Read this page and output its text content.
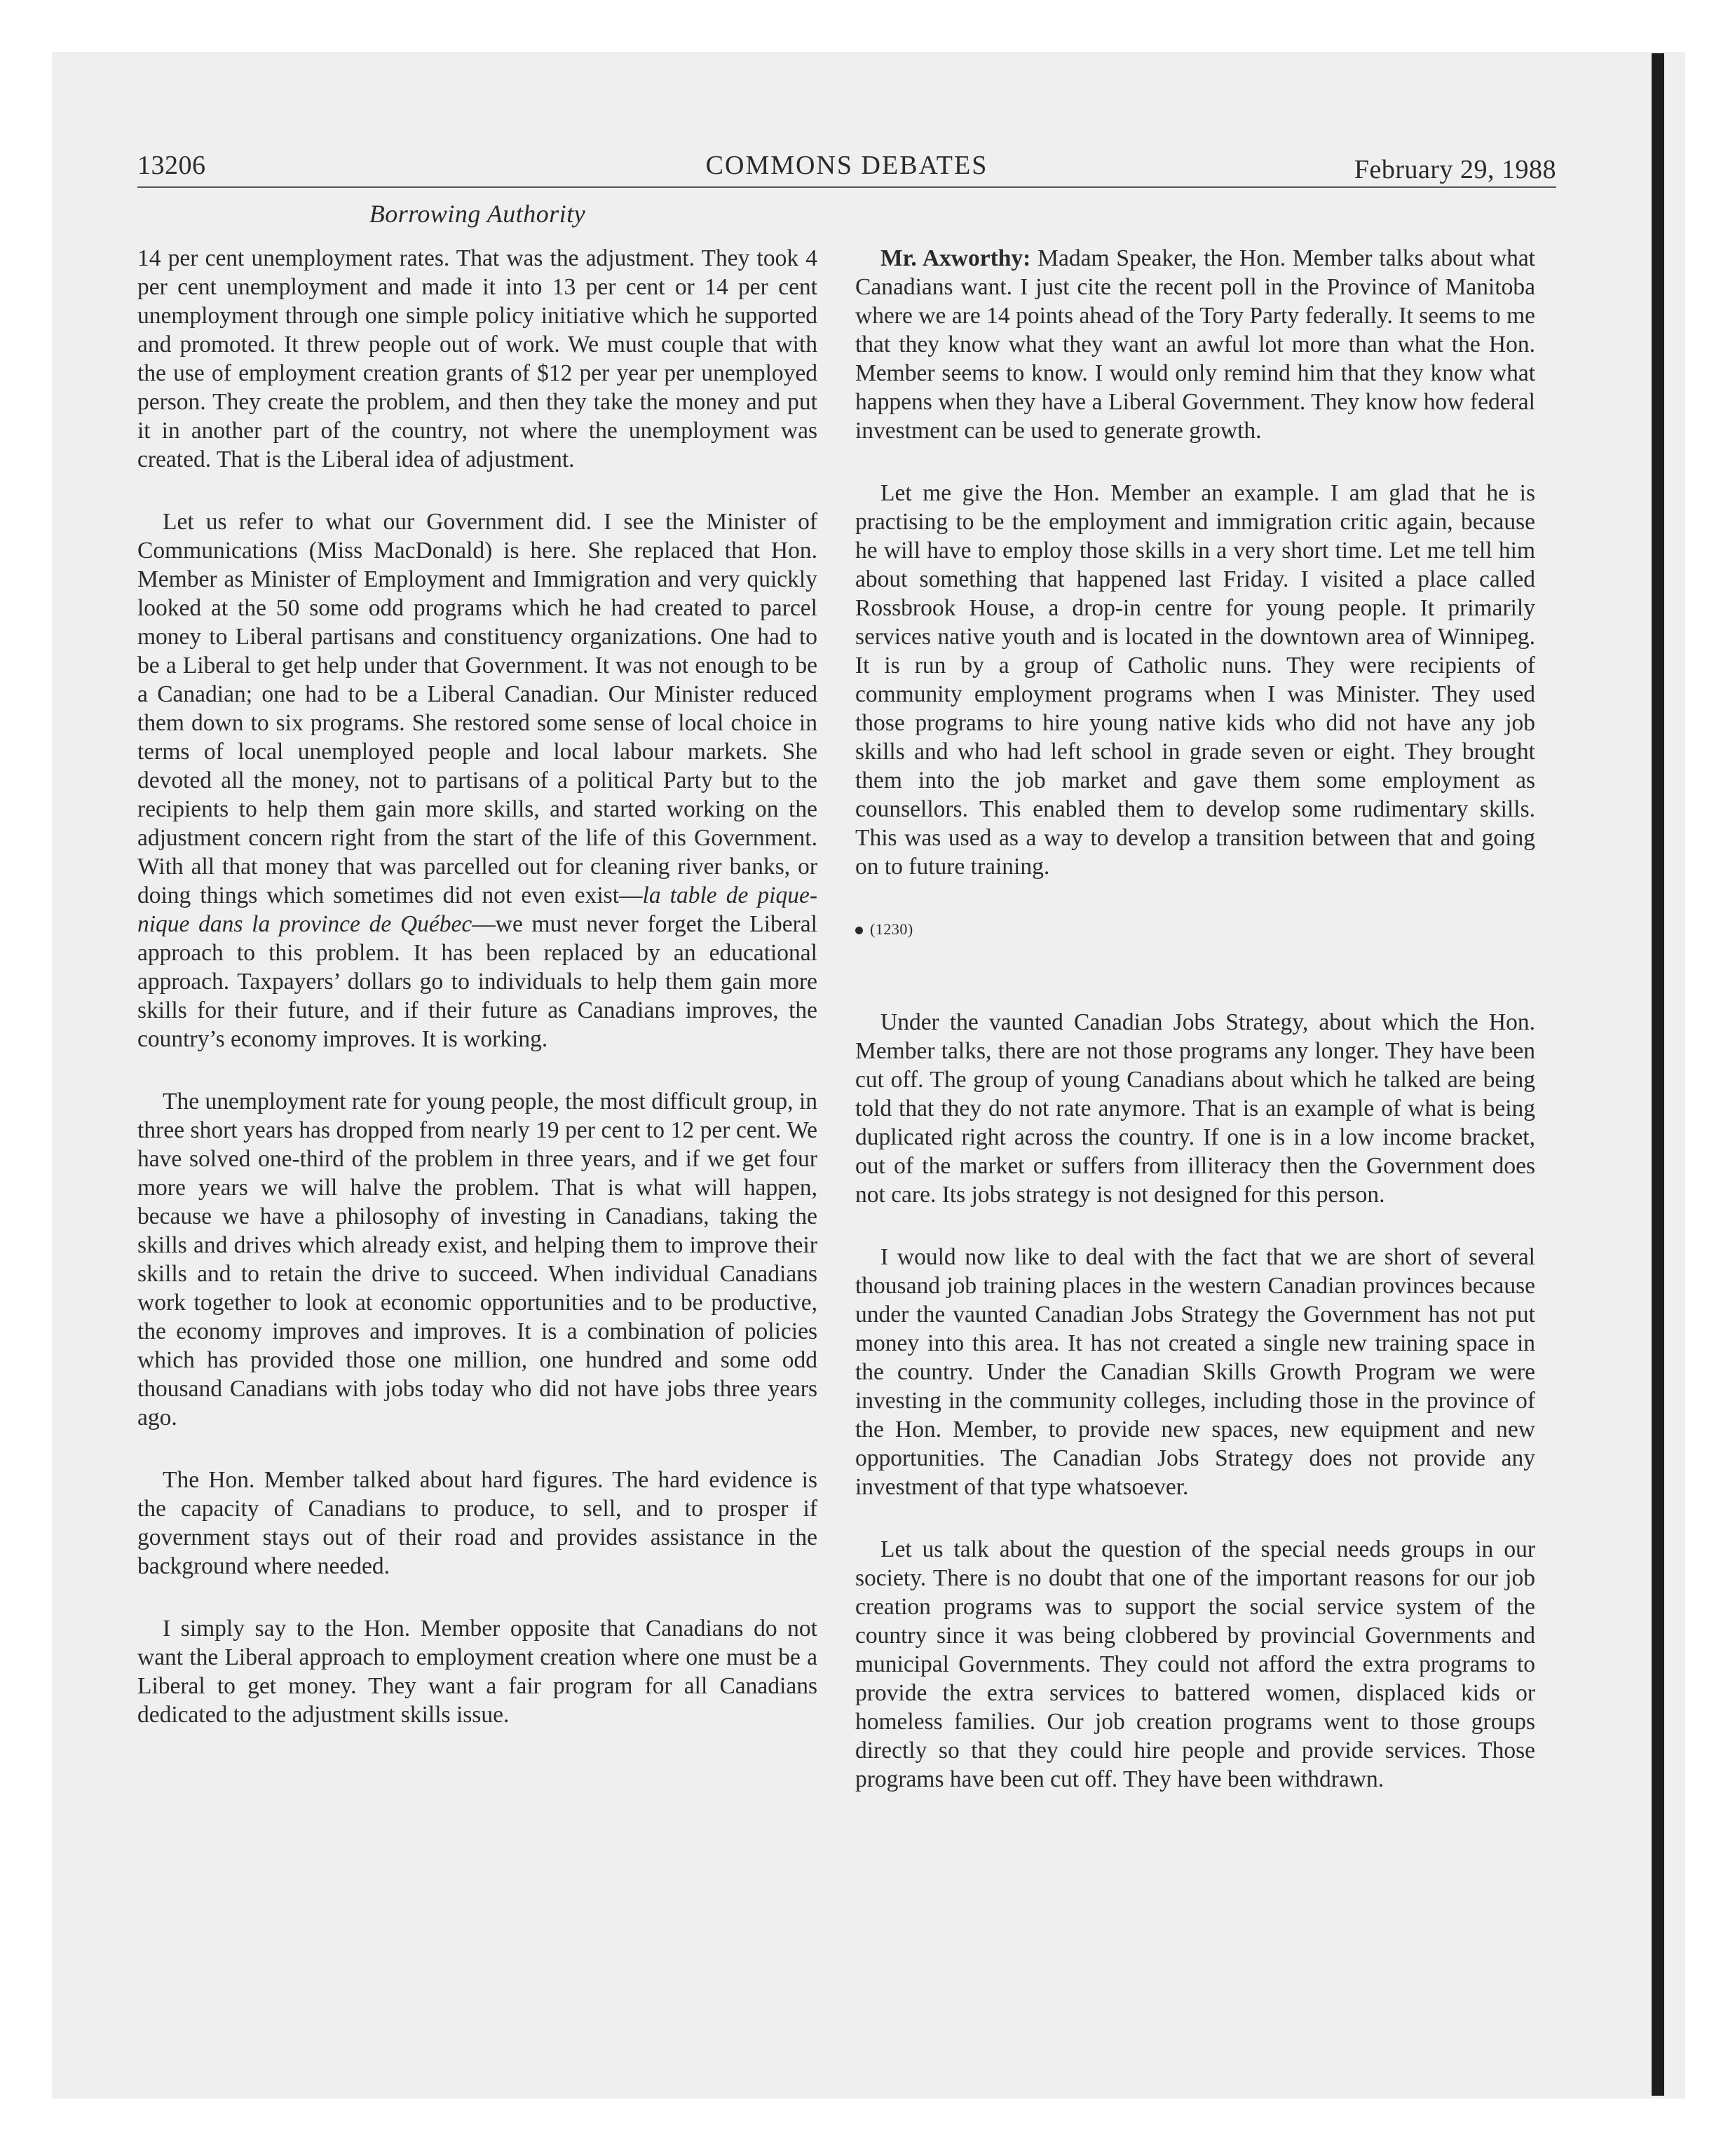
13206	COMMONS DEBATES	February 29, 1988
Borrowing Authority

14 per cent unemployment rates. That was the adjustment. They took 4 per cent unemployment and made it into 13 per cent or 14 per cent unemployment through one simple policy initiative which he supported and promoted. It threw people out of work. We must couple that with the use of employment creation grants of $12 per year per unemployed person. They create the problem, and then they take the money and put it in another part of the country, not where the unemployment was created. That is the Liberal idea of adjustment.

Let us refer to what our Government did. I see the Minister of Communications (Miss MacDonald) is here. She replaced that Hon. Member as Minister of Employment and Immigration and very quickly looked at the 50 some odd programs which he had created to parcel money to Liberal partisans and constituency organizations. One had to be a Liberal to get help under that Government. It was not enough to be a Canadian; one had to be a Liberal Canadian. Our Minister reduced them down to six programs. She restored some sense of local choice in terms of local unemployed people and local labour markets. She devoted all the money, not to partisans of a political Party but to the recipients to help them gain more skills, and started working on the adjustment concern right from the start of the life of this Government. With all that money that was parcelled out for cleaning river banks, or doing things which sometimes did not even exist—la table de pique-nique dans la province de Québec—we must never forget the Liberal approach to this problem. It has been replaced by an educational approach. Taxpayers’ dollars go to individuals to help them gain more skills for their future, and if their future as Canadians improves, the country’s economy improves. It is working.

The unemployment rate for young people, the most difficult group, in three short years has dropped from nearly 19 per cent to 12 per cent. We have solved one-third of the problem in three years, and if we get four more years we will halve the problem. That is what will happen, because we have a philosophy of investing in Canadians, taking the skills and drives which already exist, and helping them to improve their skills and to retain the drive to succeed. When individual Canadians work together to look at economic opportunities and to be productive, the economy improves and improves. It is a combination of policies which has provided those one million, one hundred and some odd thousand Canadians with jobs today who did not have jobs three years ago.

The Hon. Member talked about hard figures. The hard evidence is the capacity of Canadians to produce, to sell, and to prosper if government stays out of their road and provides assistance in the background where needed.

I simply say to the Hon. Member opposite that Canadians do not want the Liberal approach to employment creation where one must be a Liberal to get money. They want a fair program for all Canadians dedicated to the adjustment skills issue.

Mr. Axworthy: Madam Speaker, the Hon. Member talks about what Canadians want. I just cite the recent poll in the Province of Manitoba where we are 14 points ahead of the Tory Party federally. It seems to me that they know what they want an awful lot more than what the Hon. Member seems to know. I would only remind him that they know what happens when they have a Liberal Government. They know how federal investment can be used to generate growth.

Let me give the Hon. Member an example. I am glad that he is practising to be the employment and immigration critic again, because he will have to employ those skills in a very short time. Let me tell him about something that happened last Friday. I visited a place called Rossbrook House, a drop-in centre for young people. It primarily services native youth and is located in the downtown area of Winnipeg. It is run by a group of Catholic nuns. They were recipients of community employment programs when I was Minister. They used those programs to hire young native kids who did not have any job skills and who had left school in grade seven or eight. They brought them into the job market and gave them some employment as counsellors. This enabled them to develop some rudimentary skills. This was used as a way to develop a transition between that and going on to future training.

(1230)

Under the vaunted Canadian Jobs Strategy, about which the Hon. Member talks, there are not those programs any longer. They have been cut off. The group of young Canadians about which he talked are being told that they do not rate anymore. That is an example of what is being duplicated right across the country. If one is in a low income bracket, out of the market or suffers from illiteracy then the Government does not care. Its jobs strategy is not designed for this person.

I would now like to deal with the fact that we are short of several thousand job training places in the western Canadian provinces because under the vaunted Canadian Jobs Strategy the Government has not put money into this area. It has not created a single new training space in the country. Under the Canadian Skills Growth Program we were investing in the community colleges, including those in the province of the Hon. Member, to provide new spaces, new equipment and new opportunities. The Canadian Jobs Strategy does not provide any investment of that type whatsoever.

Let us talk about the question of the special needs groups in our society. There is no doubt that one of the important reasons for our job creation programs was to support the social service system of the country since it was being clobbered by provincial Governments and municipal Governments. They could not afford the extra programs to provide the extra services to battered women, displaced kids or homeless families. Our job creation programs went to those groups directly so that they could hire people and provide services. Those programs have been cut off. They have been withdrawn.
